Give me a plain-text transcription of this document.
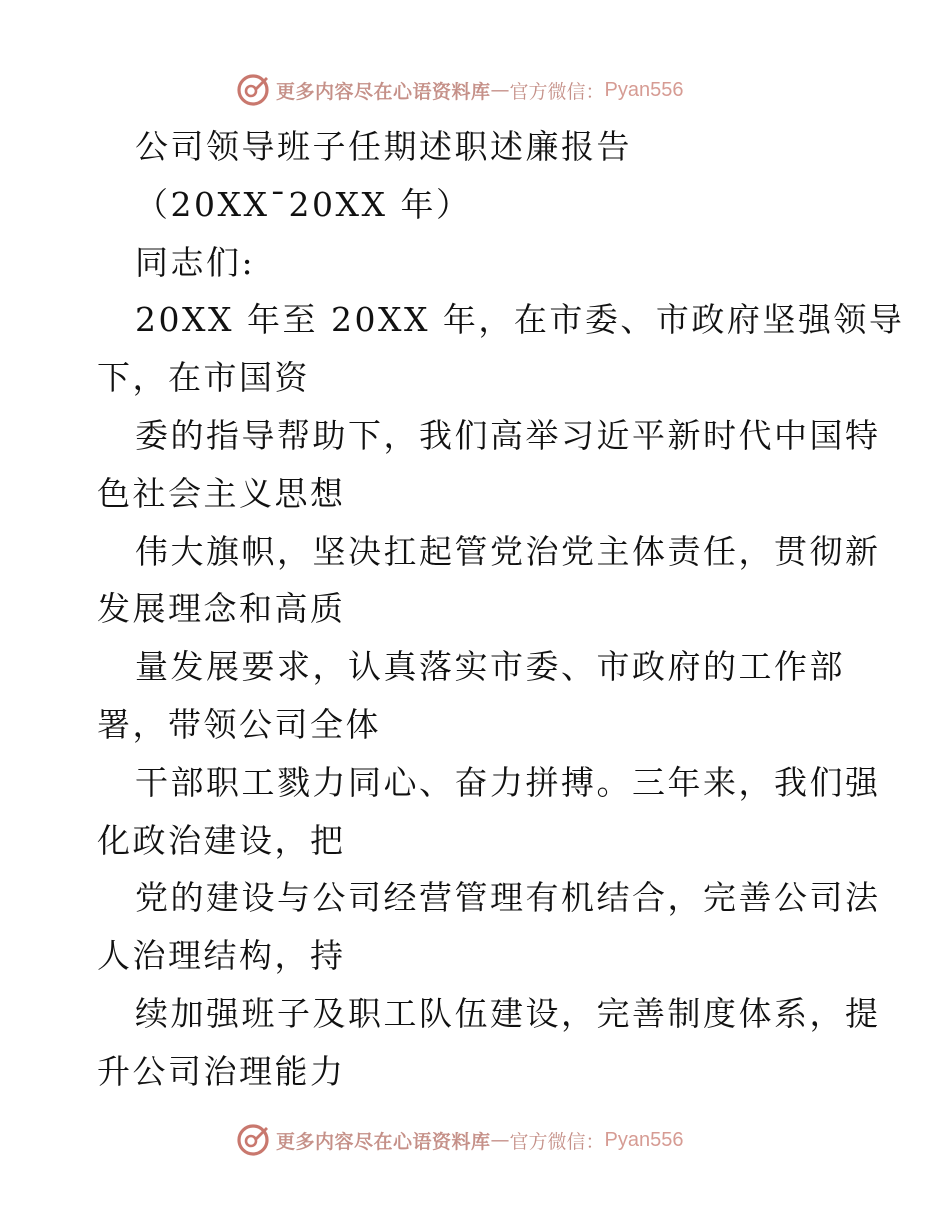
更多内容尽在心语资料库 — 官方微信： Pyan556
公司领导班子任期述职述廉报告
（20XX¯20XX 年）
同志们:
20XX 年至 20XX 年，在市委、市政府坚强领导
下，在市国资
委的指导帮助下，我们高举习近平新时代中国特
色社会主义思想
伟大旗帜，坚决扛起管党治党主体责任，贯彻新
发展理念和高质
量发展要求，认真落实市委、市政府的工作部
署，带领公司全体
干部职工戮力同心、奋力拼搏。三年来，我们强
化政治建设，把
党的建设与公司经营管理有机结合，完善公司法
人治理结构，持
续加强班子及职工队伍建设，完善制度体系，提
升公司治理能力
更多内容尽在心语资料库 — 官方微信： Pyan556
